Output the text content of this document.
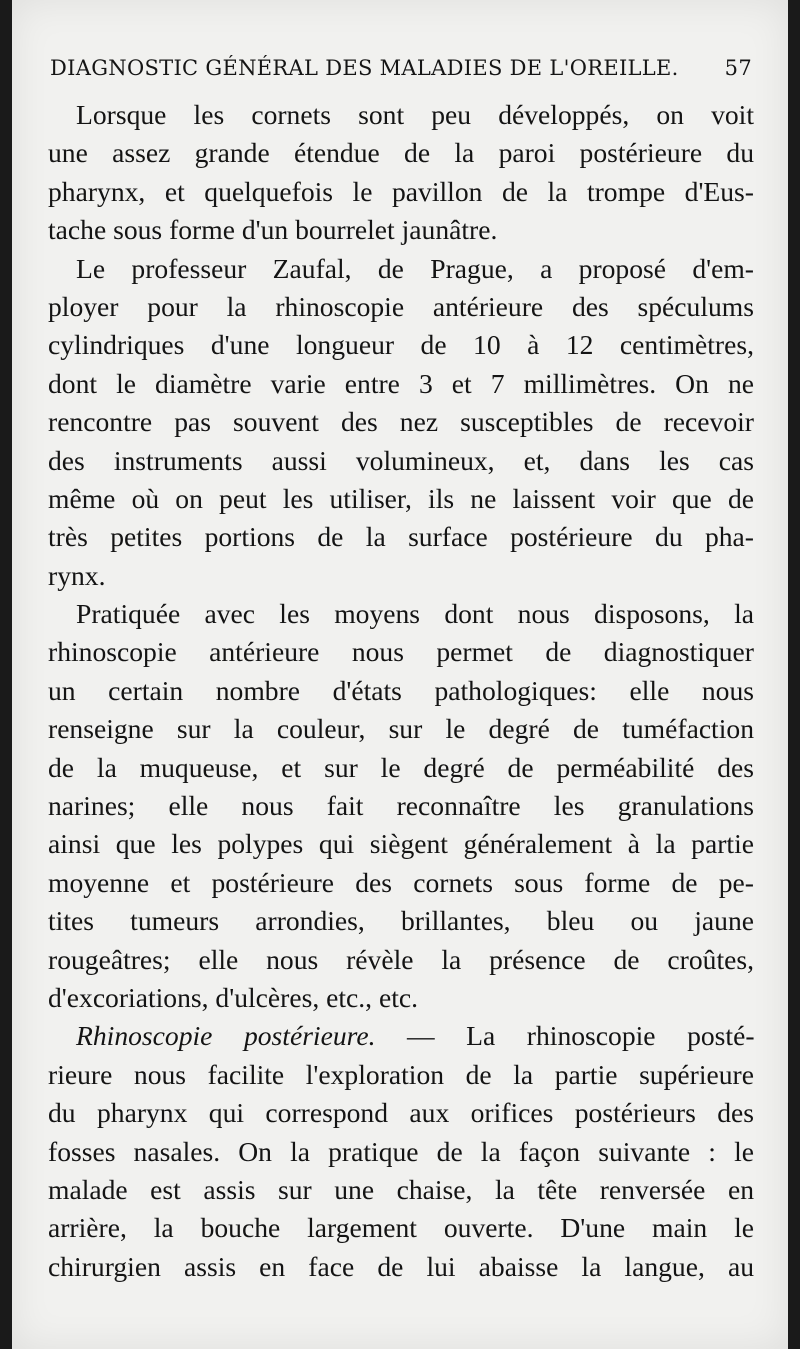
DIAGNOSTIC GÉNÉRAL DES MALADIES DE L'OREILLE. 57
Lorsque les cornets sont peu développés, on voit
une assez grande étendue de la paroi postérieure du
pharynx, et quelquefois le pavillon de la trompe d'Eus-
tache sous forme d'un bourrelet jaunâtre.
Le professeur Zaufal, de Prague, a proposé d'em-
ployer pour la rhinoscopie antérieure des spéculums
cylindriques d'une longueur de 10 à 12 centimètres,
dont le diamètre varie entre 3 et 7 millimètres. On ne
rencontre pas souvent des nez susceptibles de recevoir
des instruments aussi volumineux, et, dans les cas
même où on peut les utiliser, ils ne laissent voir que de
très petites portions de la surface postérieure du pha-
rynx.
Pratiquée avec les moyens dont nous disposons, la
rhinoscopie antérieure nous permet de diagnostiquer
un certain nombre d'états pathologiques: elle nous
renseigne sur la couleur, sur le degré de tuméfaction
de la muqueuse, et sur le degré de perméabilité des
narines; elle nous fait reconnaître les granulations
ainsi que les polypes qui siègent généralement à la partie
moyenne et postérieure des cornets sous forme de pe-
tites tumeurs arrondies, brillantes, bleu ou jaune
rougeâtres; elle nous révèle la présence de croûtes,
d'excoriations, d'ulcères, etc., etc.
Rhinoscopie postérieure. — La rhinoscopie posté-
rieure nous facilite l'exploration de la partie supérieure
du pharynx qui correspond aux orifices postérieurs des
fosses nasales. On la pratique de la façon suivante : le
malade est assis sur une chaise, la tête renversée en
arrière, la bouche largement ouverte. D'une main le
chirurgien assis en face de lui abaisse la langue, au
